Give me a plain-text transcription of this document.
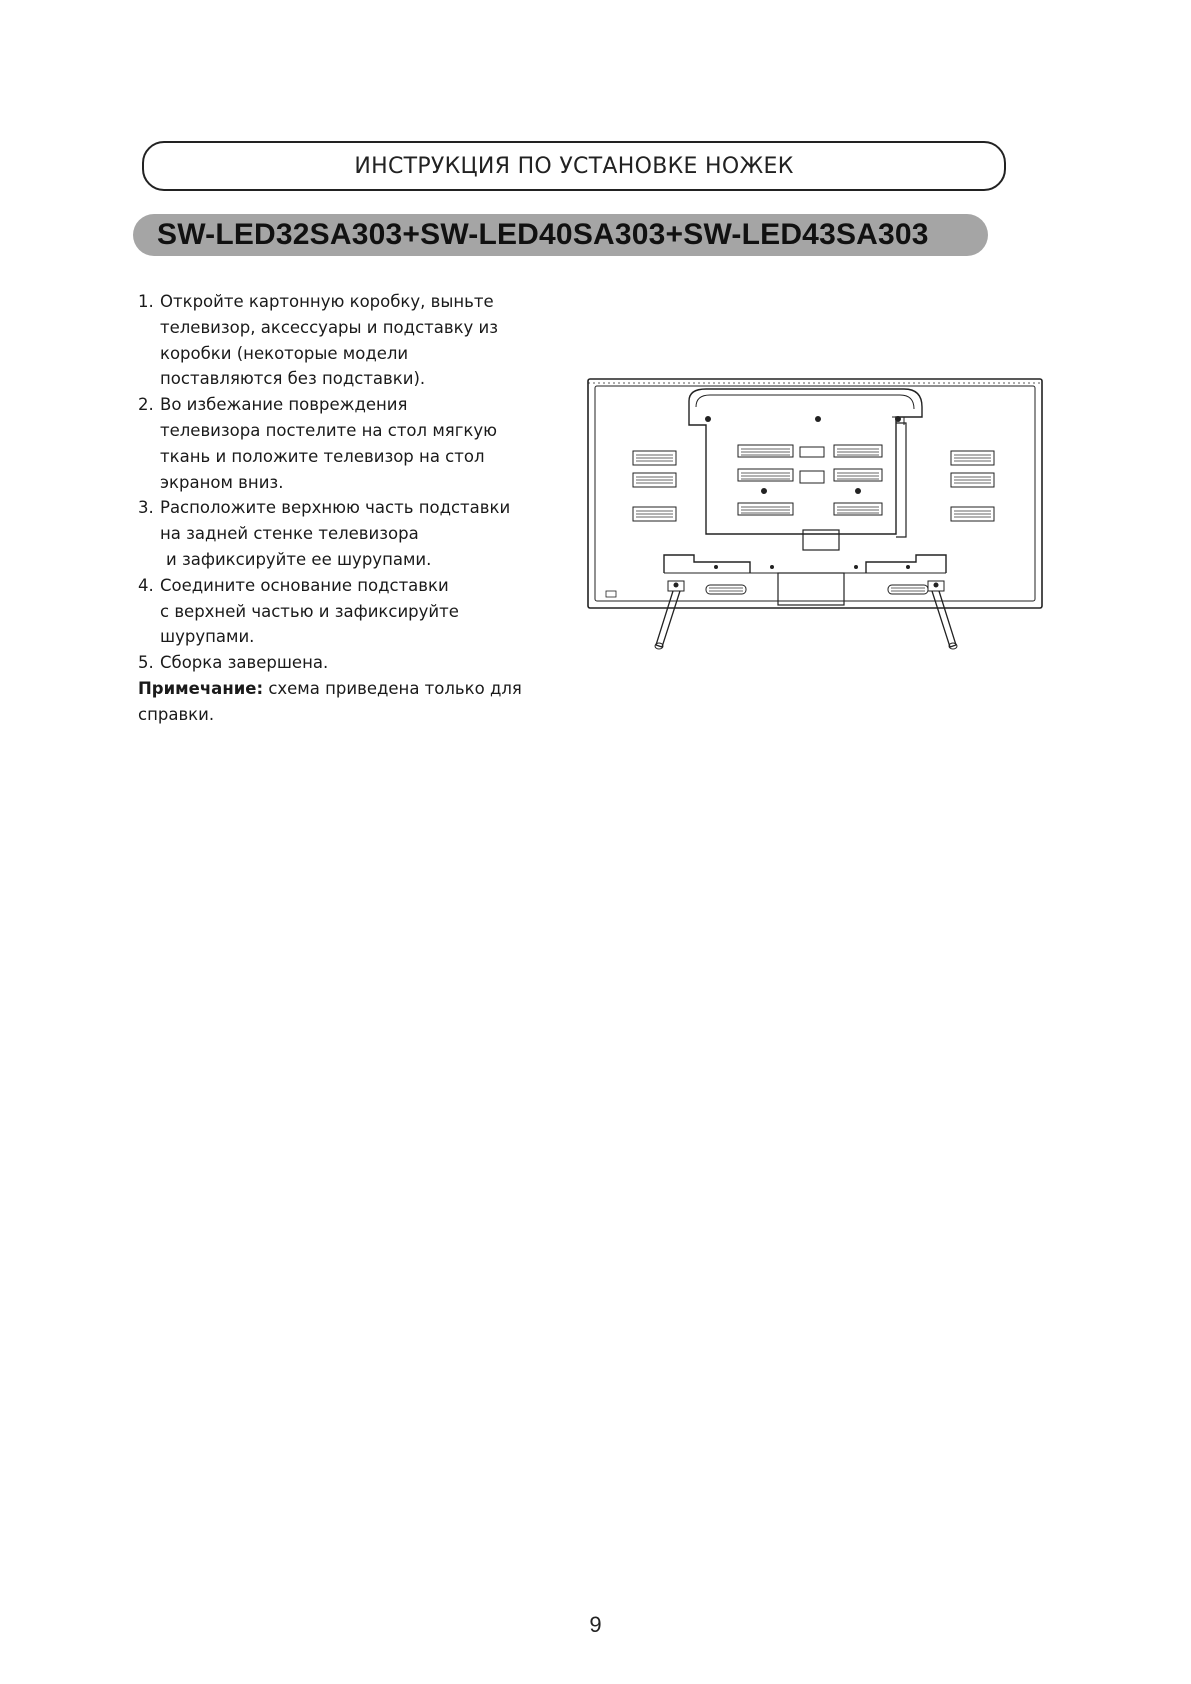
ИНСТРУКЦИЯ ПО УСТАНОВКЕ НОЖЕК
SW-LED32SA303+SW-LED40SA303+SW-LED43SA303
1. Откройте картонную коробку, выньте
телевизор, аксессуары и подставку из
коробки (некоторые модели
поставляются без подставки).
2. Во избежание повреждения
телевизора постелите на стол мягкую
ткань и положите телевизор на стол
экраном вниз.
3. Расположите верхнюю часть подставки
на задней стенке телевизора
и зафиксируйте ее шурупами.
4. Соедините основание подставки
с верхней частью и зафиксируйте
шурупами.
5. Сборка завершена.
Примечание: схема приведена только для
справки.
9
